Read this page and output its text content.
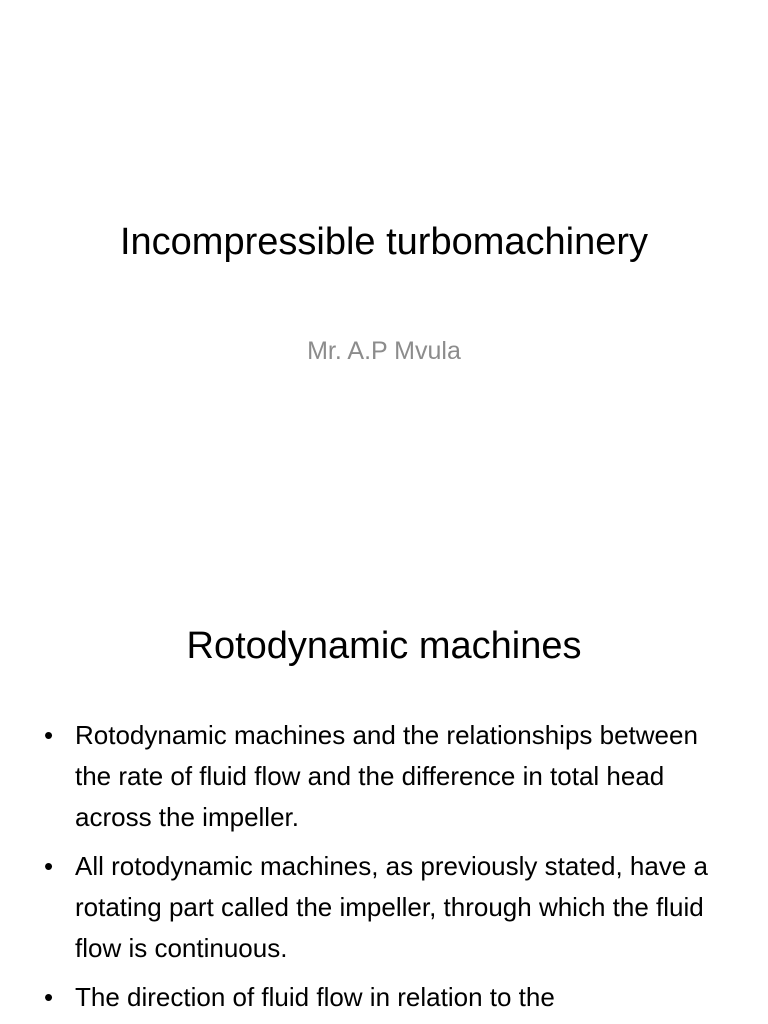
Incompressible turbomachinery
Mr. A.P Mvula
Rotodynamic machines
• Rotodynamic machines and the relationships between the rate of fluid flow and the difference in total head across the impeller.
• All rotodynamic machines, as previously stated, have a rotating part called the impeller, through which the fluid flow is continuous.
• The direction of fluid flow in relation to the
